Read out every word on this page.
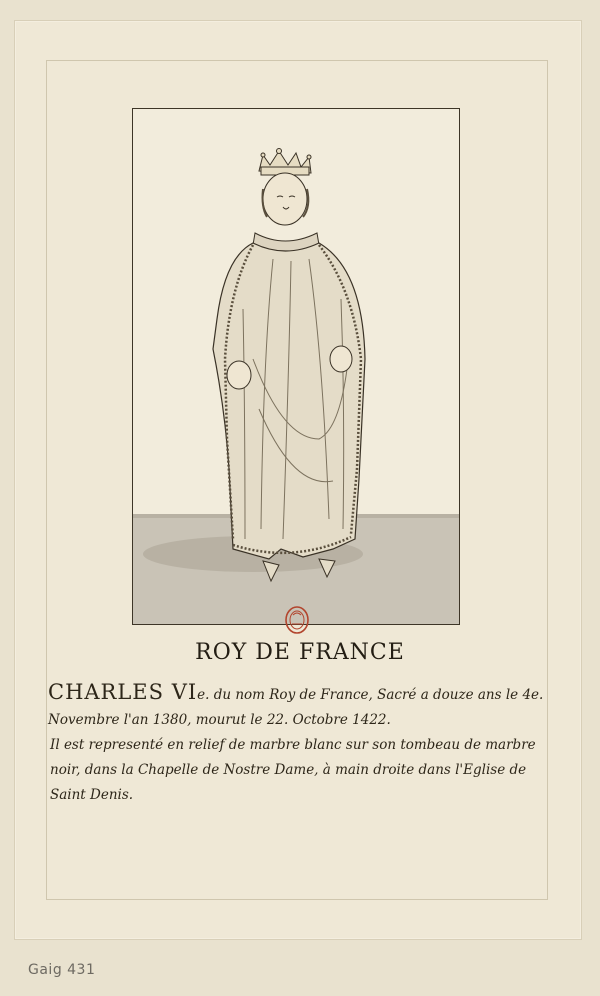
ROY DE FRANCE

CHARLES VIe. du nom Roy de France, Sacré a douze ans le 4e. Novembre l'an 1380, mourut le 22. Octobre 1422.

Il est representé en relief de marbre blanc sur son tombeau de marbre noir, dans la Chapelle de Nostre Dame, à main droite dans l'Eglise de Saint Denis.

Gaig 431
